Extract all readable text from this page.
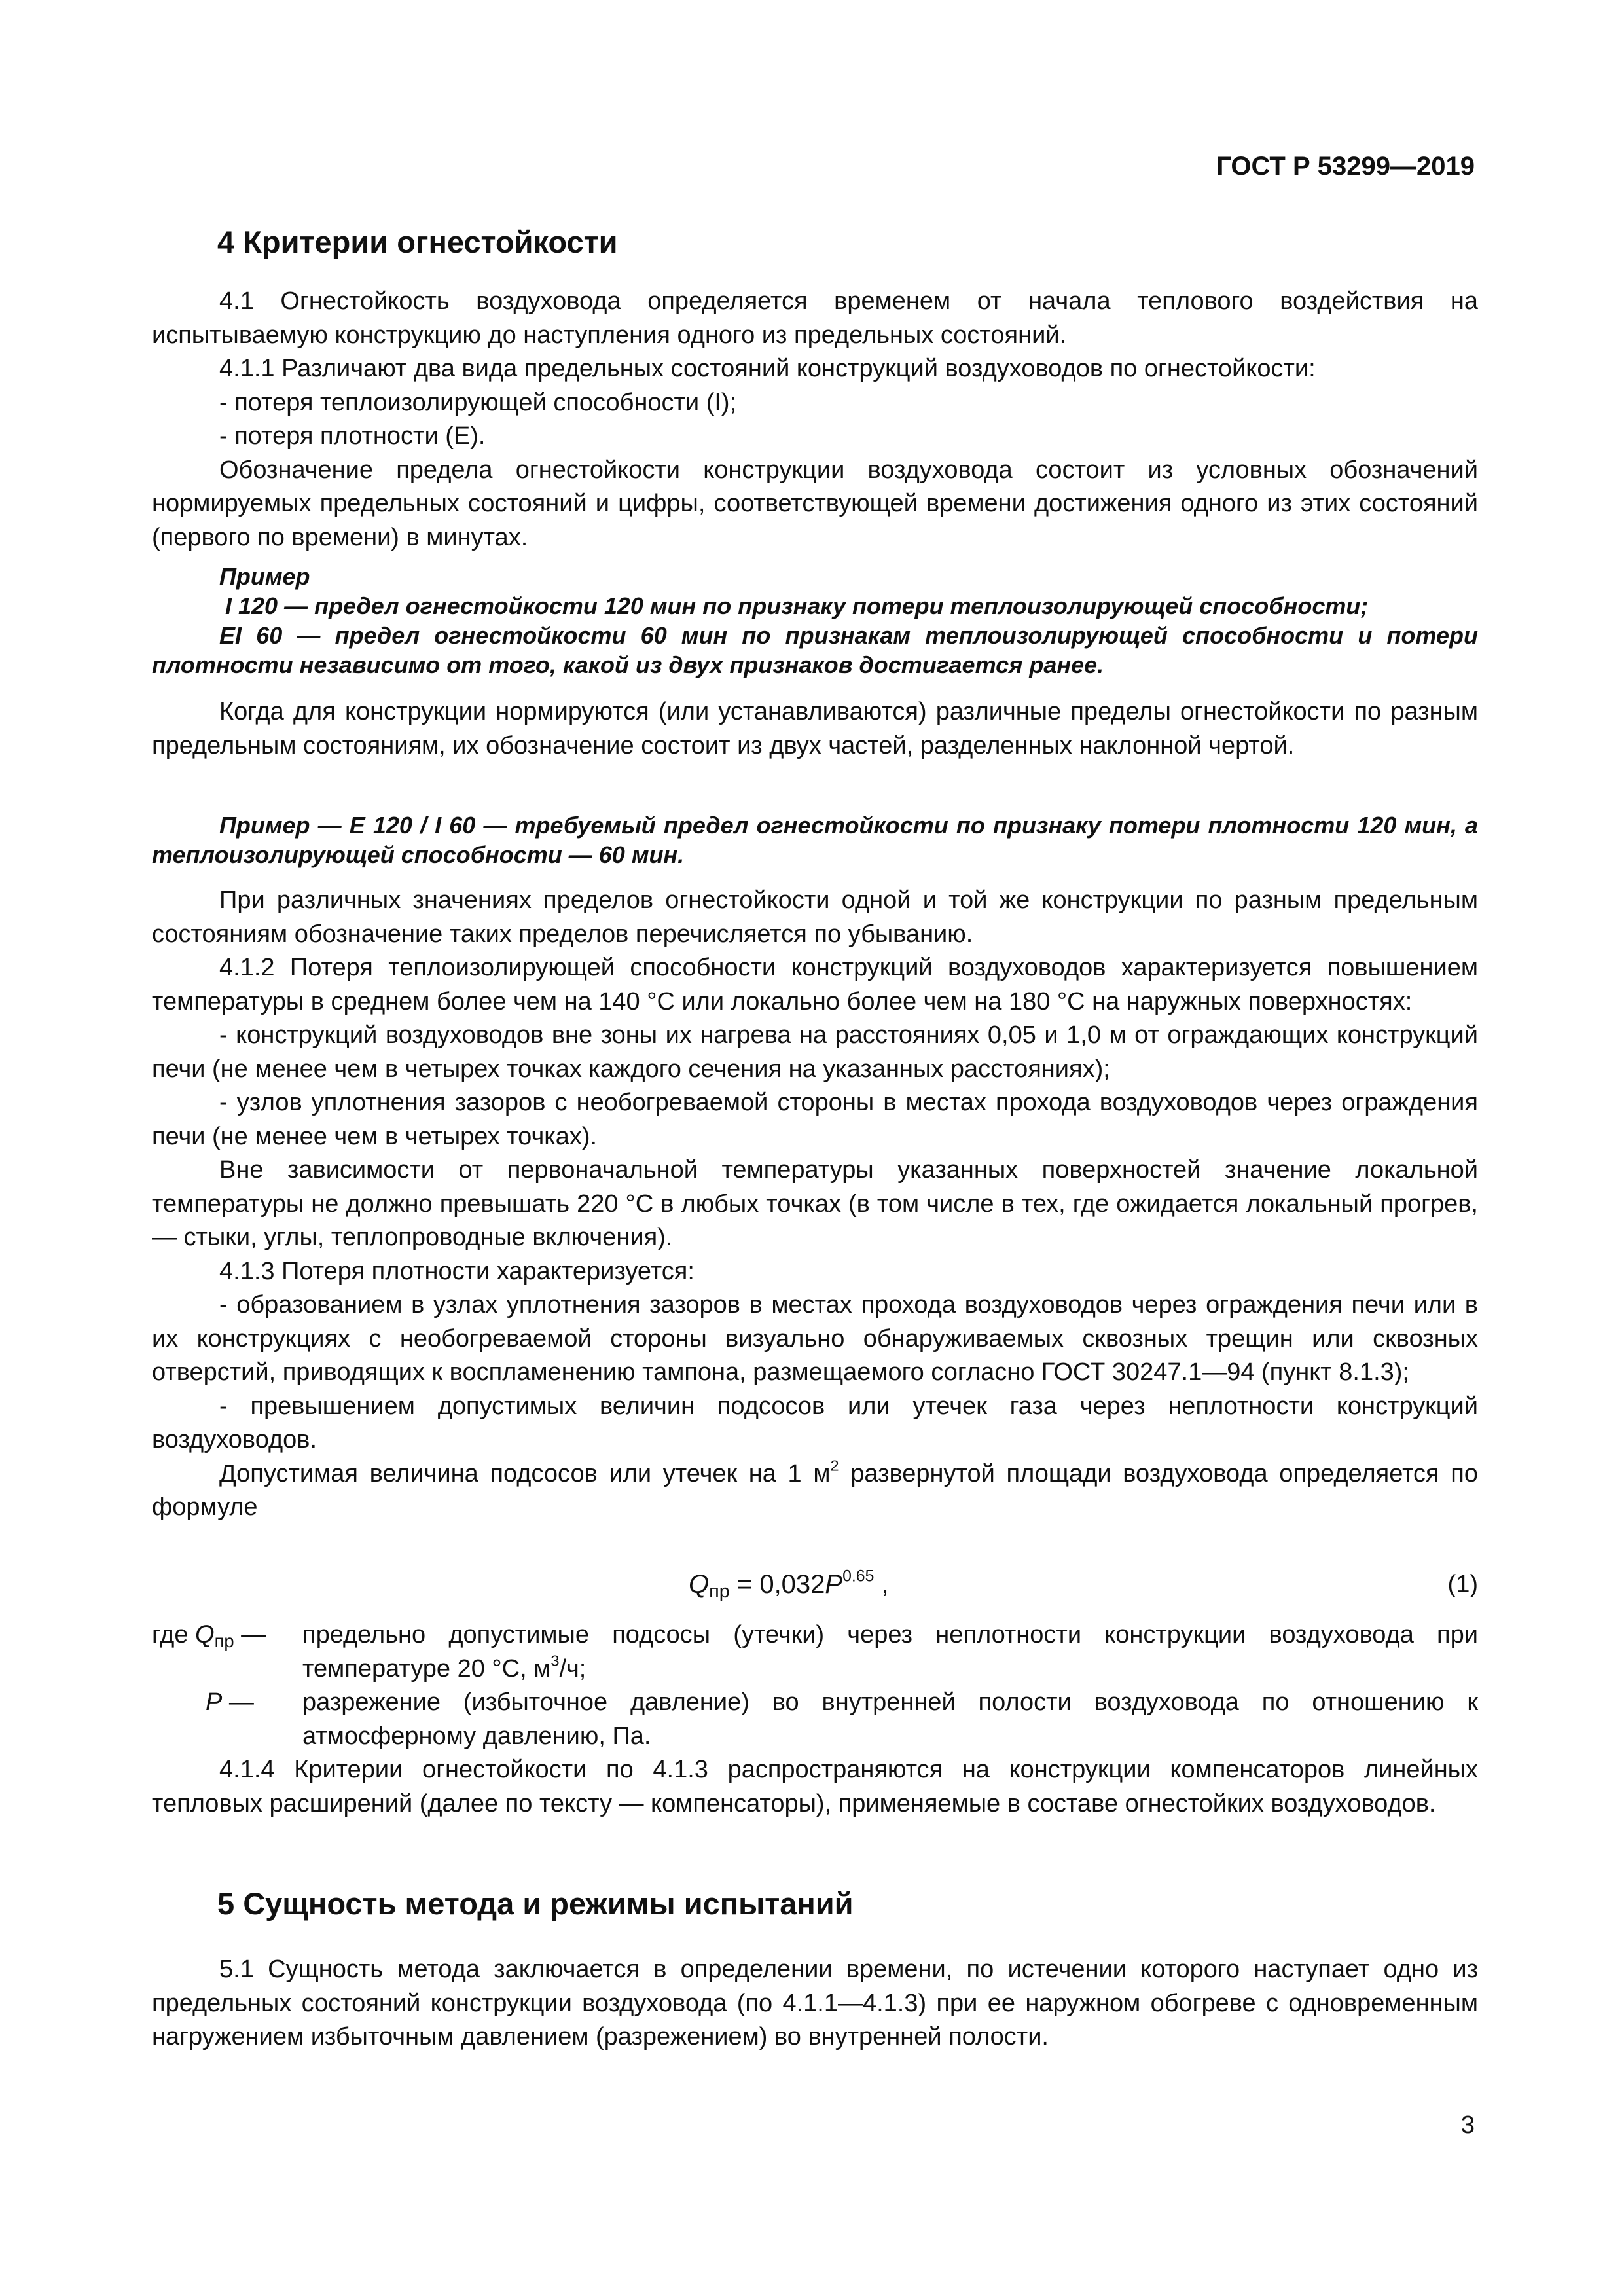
ГОСТ Р 53299—2019
4 Критерии огнестойкости

4.1 Огнестойкость воздуховода определяется временем от начала теплового воздействия на испытываемую конструкцию до наступления одного из предельных состояний.

4.1.1 Различают два вида предельных состояний конструкций воздуховодов по огнестойкости:

- потеря теплоизолирующей способности (I);

- потеря плотности (E).

Обозначение предела огнестойкости конструкции воздуховода состоит из условных обозначений нормируемых предельных состояний и цифры, соответствующей времени достижения одного из этих состояний (первого по времени) в минутах.

Пример

I 120 — предел огнестойкости 120 мин по признаку потери теплоизолирующей способности;

EI 60 — предел огнестойкости 60 мин по признакам теплоизолирующей способности и потери плотности независимо от того, какой из двух признаков достигается ранее.

Когда для конструкции нормируются (или устанавливаются) различные пределы огнестойкости по разным предельным состояниям, их обозначение состоит из двух частей, разделенных наклонной чертой.

Пример — E 120 / I 60 — требуемый предел огнестойкости по признаку потери плотности 120 мин, а теплоизолирующей способности — 60 мин.

При различных значениях пределов огнестойкости одной и той же конструкции по разным предельным состояниям обозначение таких пределов перечисляется по убыванию.

4.1.2 Потеря теплоизолирующей способности конструкций воздуховодов характеризуется повышением температуры в среднем более чем на 140 °С или локально более чем на 180 °С на наружных поверхностях:

- конструкций воздуховодов вне зоны их нагрева на расстояниях 0,05 и 1,0 м от ограждающих конструкций печи (не менее чем в четырех точках каждого сечения на указанных расстояниях);

- узлов уплотнения зазоров с необогреваемой стороны в местах прохода воздуховодов через ограждения печи (не менее чем в четырех точках).

Вне зависимости от первоначальной температуры указанных поверхностей значение локальной температуры не должно превышать 220 °С в любых точках (в том числе в тех, где ожидается локальный прогрев, — стыки, углы, теплопроводные включения).

4.1.3 Потеря плотности характеризуется:

- образованием в узлах уплотнения зазоров в местах прохода воздуховодов через ограждения печи или в их конструкциях с необогреваемой стороны визуально обнаруживаемых сквозных трещин или сквозных отверстий, приводящих к воспламенению тампона, размещаемого согласно ГОСТ 30247.1—94 (пункт 8.1.3);

- превышением допустимых величин подсосов или утечек газа через неплотности конструкций воздуховодов.

Допустимая величина подсосов или утечек на 1 $м^2$ развернутой площади воздуховода определяется по формуле

$Q_{пр} = 0,032P^{0.65}$ ,	(1)
где $Q_{пр}$ — предельно допустимые подсосы (утечки) через неплотности конструкции воздуховода при температуре 20 °С, $м^3/ч$;
P — разрежение (избыточное давление) во внутренней полости воздуховода по отношению к атмосферному давлению, Па.

4.1.4 Критерии огнестойкости по 4.1.3 распространяются на конструкции компенсаторов линейных тепловых расширений (далее по тексту — компенсаторы), применяемые в составе огнестойких воздуховодов.

5 Сущность метода и режимы испытаний

5.1 Сущность метода заключается в определении времени, по истечении которого наступает одно из предельных состояний конструкции воздуховода (по 4.1.1—4.1.3) при ее наружном обогреве с одновременным нагружением избыточным давлением (разрежением) во внутренней полости.

3
